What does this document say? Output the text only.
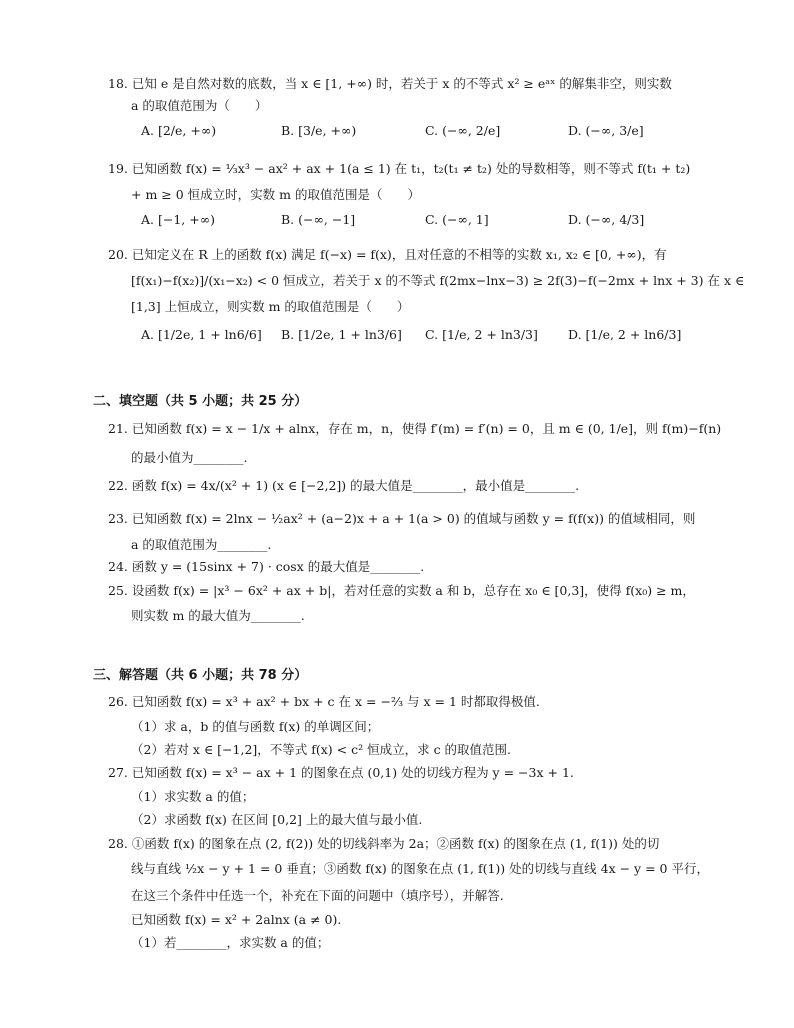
18. 已知 e 是自然对数的底数，当 x ∈ [1, +∞) 时，若关于 x 的不等式 x² ≥ eᵃˣ 的解集非空，则实数
a 的取值范围为（　　）
A. [2/e, +∞)	B. [3/e, +∞)	C. (−∞, 2/e]	D. (−∞, 3/e]
19. 已知函数 f(x) = ⅓x³ − ax² + ax + 1(a ≤ 1) 在 t₁，t₂(t₁ ≠ t₂) 处的导数相等，则不等式 f(t₁ + t₂)
+ m ≥ 0 恒成立时，实数 m 的取值范围是（　　）
A. [−1, +∞)	B. (−∞, −1]	C. (−∞, 1]	D. (−∞, 4/3]
20. 已知定义在 R 上的函数 f(x) 满足 f(−x) = f(x)，且对任意的不相等的实数 x₁, x₂ ∈ [0, +∞)，有
[f(x₁)−f(x₂)]/(x₁−x₂) < 0 恒成立，若关于 x 的不等式 f(2mx−lnx−3) ≥ 2f(3)−f(−2mx + lnx + 3) 在 x ∈
[1,3] 上恒成立，则实数 m 的取值范围是（　　）
A. [1/2e, 1 + ln6/6] B. [1/2e, 1 + ln3/6] C. [1/e, 2 + ln3/3] D. [1/e, 2 + ln6/3]
二、填空题（共 5 小题；共 25 分）
21. 已知函数 f(x) = x − 1/x + alnx，存在 m，n，使得 f′(m) = f′(n) = 0，且 m ∈ (0, 1/e]，则 f(m)−f(n)
的最小值为________.
22. 函数 f(x) = 4x/(x² + 1) (x ∈ [−2,2]) 的最大值是________，最小值是________.
23. 已知函数 f(x) = 2lnx − ½ax² + (a−2)x + a + 1(a > 0) 的值域与函数 y = f(f(x)) 的值域相同，则
a 的取值范围为________.
24. 函数 y = (15sinx + 7) · cosx 的最大值是________.
25. 设函数 f(x) = |x³ − 6x² + ax + b|，若对任意的实数 a 和 b，总存在 x₀ ∈ [0,3]，使得 f(x₀) ≥ m，
则实数 m 的最大值为________.
三、解答题（共 6 小题；共 78 分）
26. 已知函数 f(x) = x³ + ax² + bx + c 在 x = −⅔ 与 x = 1 时都取得极值.
（1）求 a，b 的值与函数 f(x) 的单调区间；
（2）若对 x ∈ [−1,2]，不等式 f(x) < c² 恒成立，求 c 的取值范围.
27. 已知函数 f(x) = x³ − ax + 1 的图象在点 (0,1) 处的切线方程为 y = −3x + 1.
（1）求实数 a 的值；
（2）求函数 f(x) 在区间 [0,2] 上的最大值与最小值.
28. ①函数 f(x) 的图象在点 (2, f(2)) 处的切线斜率为 2a；②函数 f(x) 的图象在点 (1, f(1)) 处的切
线与直线 ½x − y + 1 = 0 垂直；③函数 f(x) 的图象在点 (1, f(1)) 处的切线与直线 4x − y = 0 平行，
在这三个条件中任选一个，补充在下面的问题中（填序号），并解答.
已知函数 f(x) = x² + 2alnx (a ≠ 0).
（1）若________，求实数 a 的值；
